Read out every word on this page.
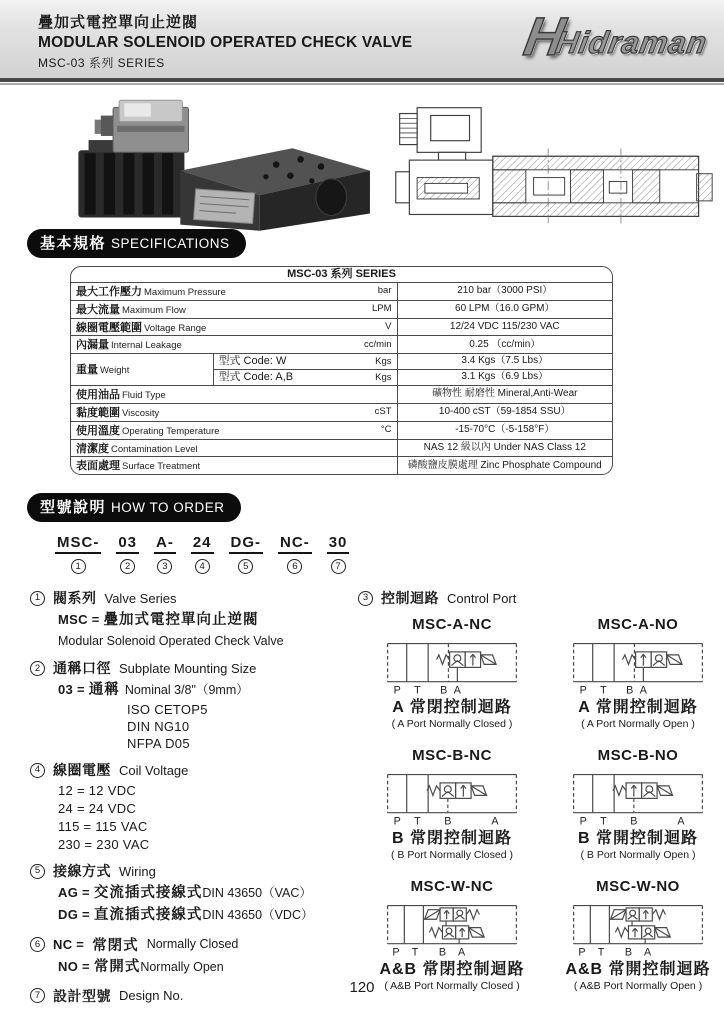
疊加式電控單向止逆閥
MODULAR SOLENOID OPERATED CHECK VALVE
MSC-03 系列 SERIES	H
Hidraman
基本規格 SPECIFICATIONS
MSC-03 系列 SERIES		

最大工作壓力 Maximum Pressure bar		210 bar（3000 PSI）

最大流量 Maximum Flow LPM		60 LPM（16.0 GPM）

線圈電壓範圍 Voltage Range V		12/24 VDC 115/230 VAC

內漏量 Internal Leakage cc/min		0.25 （cc/min）
重量 Weight	型式 Code: W Kgs	3.4 Kgs（7.5 Lbs）

	型式 Code: A,B Kgs	3.1 Kgs（6.9 Lbs）

使用油品 Fluid Type		礦物性 耐磨性 Mineral,Anti-Wear

黏度範圍 Viscosity cST		10-400 cST（59-1854 SSU）

使用溫度 Operating Temperature °C		-15-70°C（-5-158°F）

清潔度 Contamination Level		NAS 12 級以內 Under NAS Class 12

表面處理 Surface Treatment		磷酸鹽皮膜處理 Zinc Phosphate Compound
型號說明 HOW TO ORDER
MSC-
1
03
2
A-
3
24
4
DG-
5
NC-
6
30
7
1 閥系列 Valve Series
MSC = 疊加式電控單向止逆閥
Modular Solenoid Operated Check Valve
2 通稱口徑 Subplate Mounting Size
03 = 通稱 Nominal 3/8"（9mm）
ISO CETOP5
DIN NG10
NFPA D05
4 線圈電壓 Coil Voltage
12 = 12 VDC
24 = 24 VDC
115 = 115 VAC
230 = 230 VAC
5 接線方式 Wiring
AG = 交流插式接線式DIN 43650（VAC）
DG = 直流插式接線式DIN 43650（VDC）
6 NC = 常閉式 Normally Closed
NO = 常開式Normally Open
7 設計型號 Design No.
3 控制迴路 Control Port
MSC-A-NC
P T B A
A 常閉控制迴路
( A Port Normally Closed )
MSC-A-NO
P T B A
A 常開控制迴路
( A Port Normally Open )
MSC-B-NC
P T	B	A
B 常閉控制迴路
( B Port Normally Closed )
MSC-B-NO
P T	B	A
B 常開控制迴路
( B Port Normally Open )
MSC-W-NC
P T B A
A&B 常閉控制迴路
( A&B Port Normally Closed )
MSC-W-NO
P T B A
A&B 常開控制迴路
( A&B Port Normally Open )
120
